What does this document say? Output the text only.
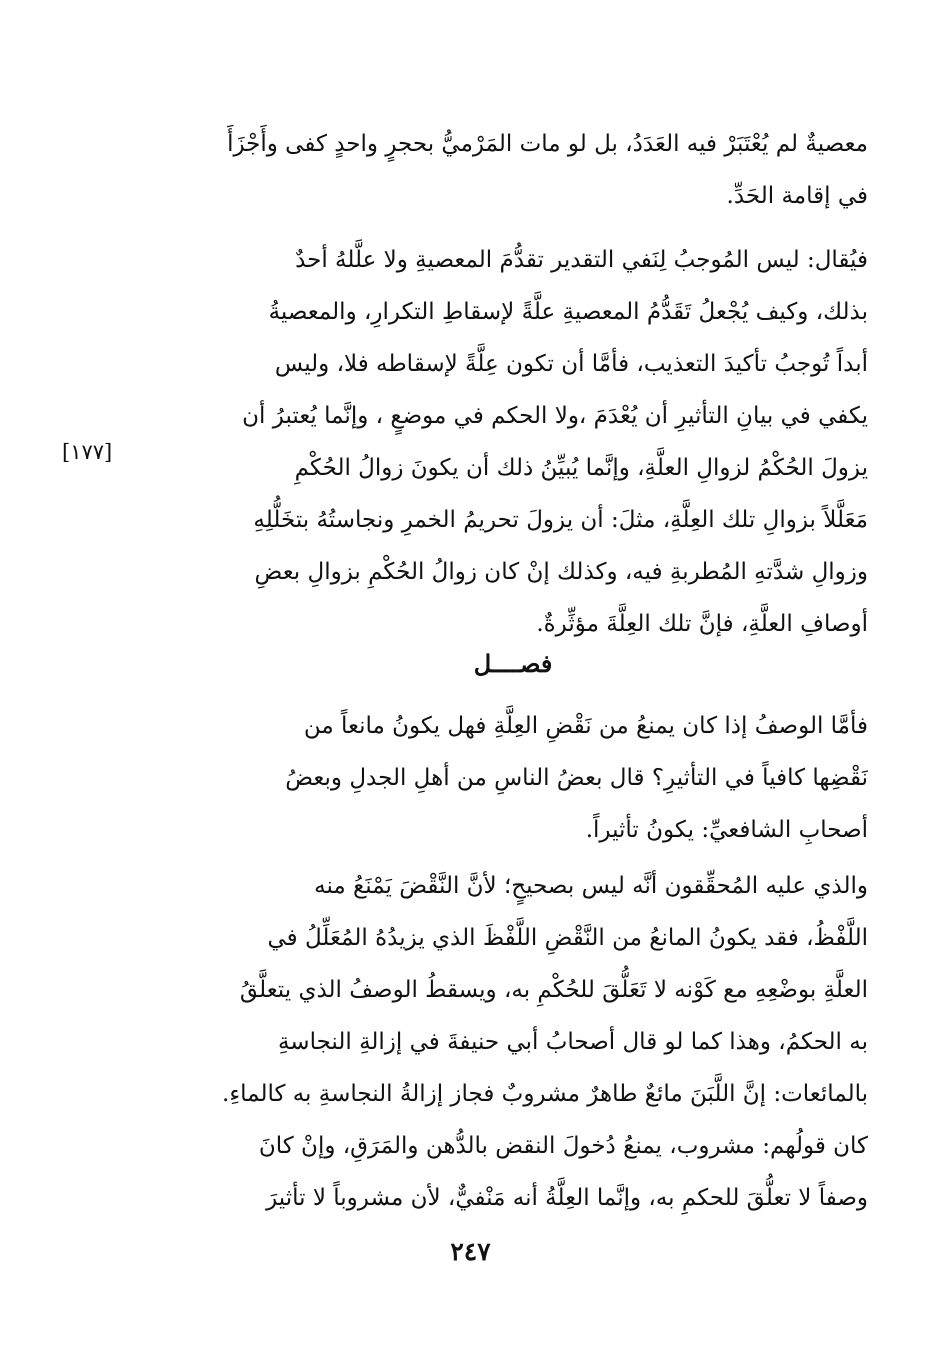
معصيةٌ لم يُعْتَبَرْ فيه العَدَدُ، بل لو مات المَرْميُّ بحجرٍ واحدٍ كفى وأَجْزَأَ
في إقامة الحَدِّ.
فيُقال: ليس المُوجبُ لِنَفي التقدير تقدُّمَ المعصيةِ ولا علَّلهُ أحدٌ
بذلك، وكيف يُجْعلُ تَقَدُّمُ المعصيةِ علَّةً لإسقاطِ التكرارِ، والمعصيةُ
أبداً تُوجبُ تأكيدَ التعذيب، فأمَّا أن تكون عِلَّةً لإسقاطه فلا، وليس
يكفي في بيانِ التأثيرِ أن يُعْدَمَ ،ولا الحكم في موضعٍ ، وإنَّما يُعتبرُ أن
يزولَ الحُكْمُ لزوالِ العلَّةِ، وإنَّما يُبيِّنُ ذلك أن يكونَ زوالُ الحُكْمِ
مَعَلَّلاً بزوالِ تلك العِلَّةِ، مثلَ: أن يزولَ تحريمُ الخمرِ ونجاستُهُ بتخَلُّلِهِ
وزوالِ شدَّتهِ المُطربةِ فيه، وكذلك إنْ كان زوالُ الحُكْمِ بزوالِ بعضِ
أوصافِ العلَّةِ، فإنَّ تلك العِلَّةَ مؤثِّرةٌ.
[١٧٧]
فصــــل
فأمَّا الوصفُ إذا كان يمنعُ من نَقْضِ العِلَّةِ فهل يكونُ مانعاً من
نَقْضِها كافياً في التأثيرِ؟ قال بعضُ الناسِ من أهلِ الجدلِ وبعضُ
أصحابِ الشافعيِّ: يكونُ تأثيراً.
والذي عليه المُحقِّقون أنَّه ليس بصحيحٍ؛ لأنَّ النَّقْضَ يَمْنَعُ منه
اللَّفْظُ، فقد يكونُ المانعُ من النَّقْضِ اللَّفْظَ الذي يزيدُهُ المُعَلِّلُ في
العلَّةِ بوضْعِهِ مع كَوْنه لا تَعَلُّقَ للحُكْمِ به، ويسقطُ الوصفُ الذي يتعلَّقُ
به الحكمُ، وهذا كما لو قال أصحابُ أبي حنيفةَ في إزالةِ النجاسةِ
بالمائعات: إنَّ اللَّبَنَ مائعٌ طاهرٌ مشروبٌ فجاز إزالةُ النجاسةِ به كالماءِ.
كان قولُهم: مشروب، يمنعُ دُخولَ النقض بالدُّهن والمَرَقِ، وإنْ كانَ
وصفاً لا تعلُّقَ للحكمِ به، وإنَّما العِلَّةُ أنه مَنْفيٌّ، لأن مشروباً لا تأثيرَ
٢٤٧
